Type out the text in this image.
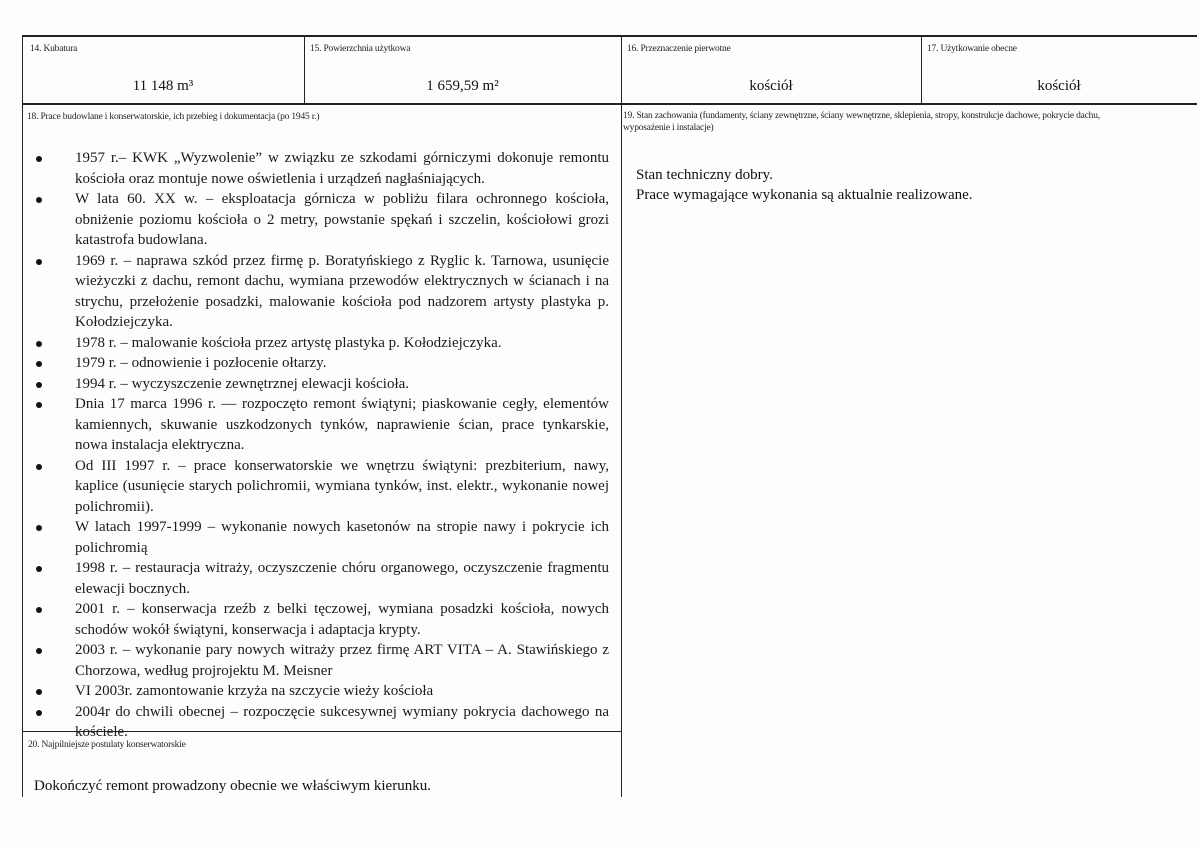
14. Kubatura
11 148 m³
15. Powierzchnia użytkowa
1 659,59 m²
16. Przeznaczenie pierwotne
kościół
17. Użytkowanie obecne
kościół
18. Prace budowlane i konserwatorskie, ich przebieg i dokumentacja (po 1945 r.)
1957 r.– KWK „Wyzwolenie” w związku ze szkodami górniczymi dokonuje remontu kościoła oraz montuje nowe oświetlenia i urządzeń nagłaśniających.
W lata 60. XX w. – eksploatacja górnicza w pobliżu filara ochronnego kościoła, obniżenie poziomu kościoła o 2 metry, powstanie spękań i szczelin, kościołowi grozi katastrofa budowlana.
1969 r. – naprawa szkód przez firmę p. Boratyńskiego z Ryglic k. Tarnowa, usunięcie wieżyczki z dachu, remont dachu, wymiana przewodów elektrycznych w ścianach i na strychu, przełożenie posadzki, malowanie kościoła pod nadzorem artysty plastyka p. Kołodziejczyka.
1978 r. – malowanie kościoła przez artystę plastyka p. Kołodziejczyka.
1979 r. – odnowienie i pozłocenie ołtarzy.
1994 r. – wyczyszczenie zewnętrznej elewacji kościoła.
Dnia 17 marca 1996 r. — rozpoczęto remont świątyni; piaskowanie cegły, elementów kamiennych, skuwanie uszkodzonych tynków, naprawienie ścian, prace tynkarskie, nowa instalacja elektryczna.
Od III 1997 r. – prace konserwatorskie we wnętrzu świątyni: prezbiterium, nawy, kaplice (usunięcie starych polichromii, wymiana tynków, inst. elektr., wykonanie nowej polichromii).
W latach 1997-1999 – wykonanie nowych kasetonów na stropie nawy i pokrycie ich polichromią
1998 r. – restauracja witraży, oczyszczenie chóru organowego, oczyszczenie fragmentu elewacji bocznych.
2001 r. – konserwacja rzeźb z belki tęczowej, wymiana posadzki kościoła, nowych schodów wokół świątyni, konserwacja i adaptacja krypty.
2003 r. – wykonanie pary nowych witraży przez firmę ART VITA – A. Stawińskiego z Chorzowa, według projrojektu M. Meisner
VI 2003r. zamontowanie krzyża na szczycie wieży kościoła
2004r do chwili obecnej – rozpoczęcie sukcesywnej wymiany pokrycia dachowego na kościele.
19. Stan zachowania (fundamenty, ściany zewnętrzne, ściany wewnętrzne, sklepienia, stropy, konstrukcje dachowe, pokrycie dachu, wyposażenie i instalacje)
Stan techniczny dobry.
Prace wymagające wykonania są aktualnie realizowane.
20. Najpilniejsze postulaty konserwatorskie
Dokończyć remont prowadzony obecnie we właściwym kierunku.
